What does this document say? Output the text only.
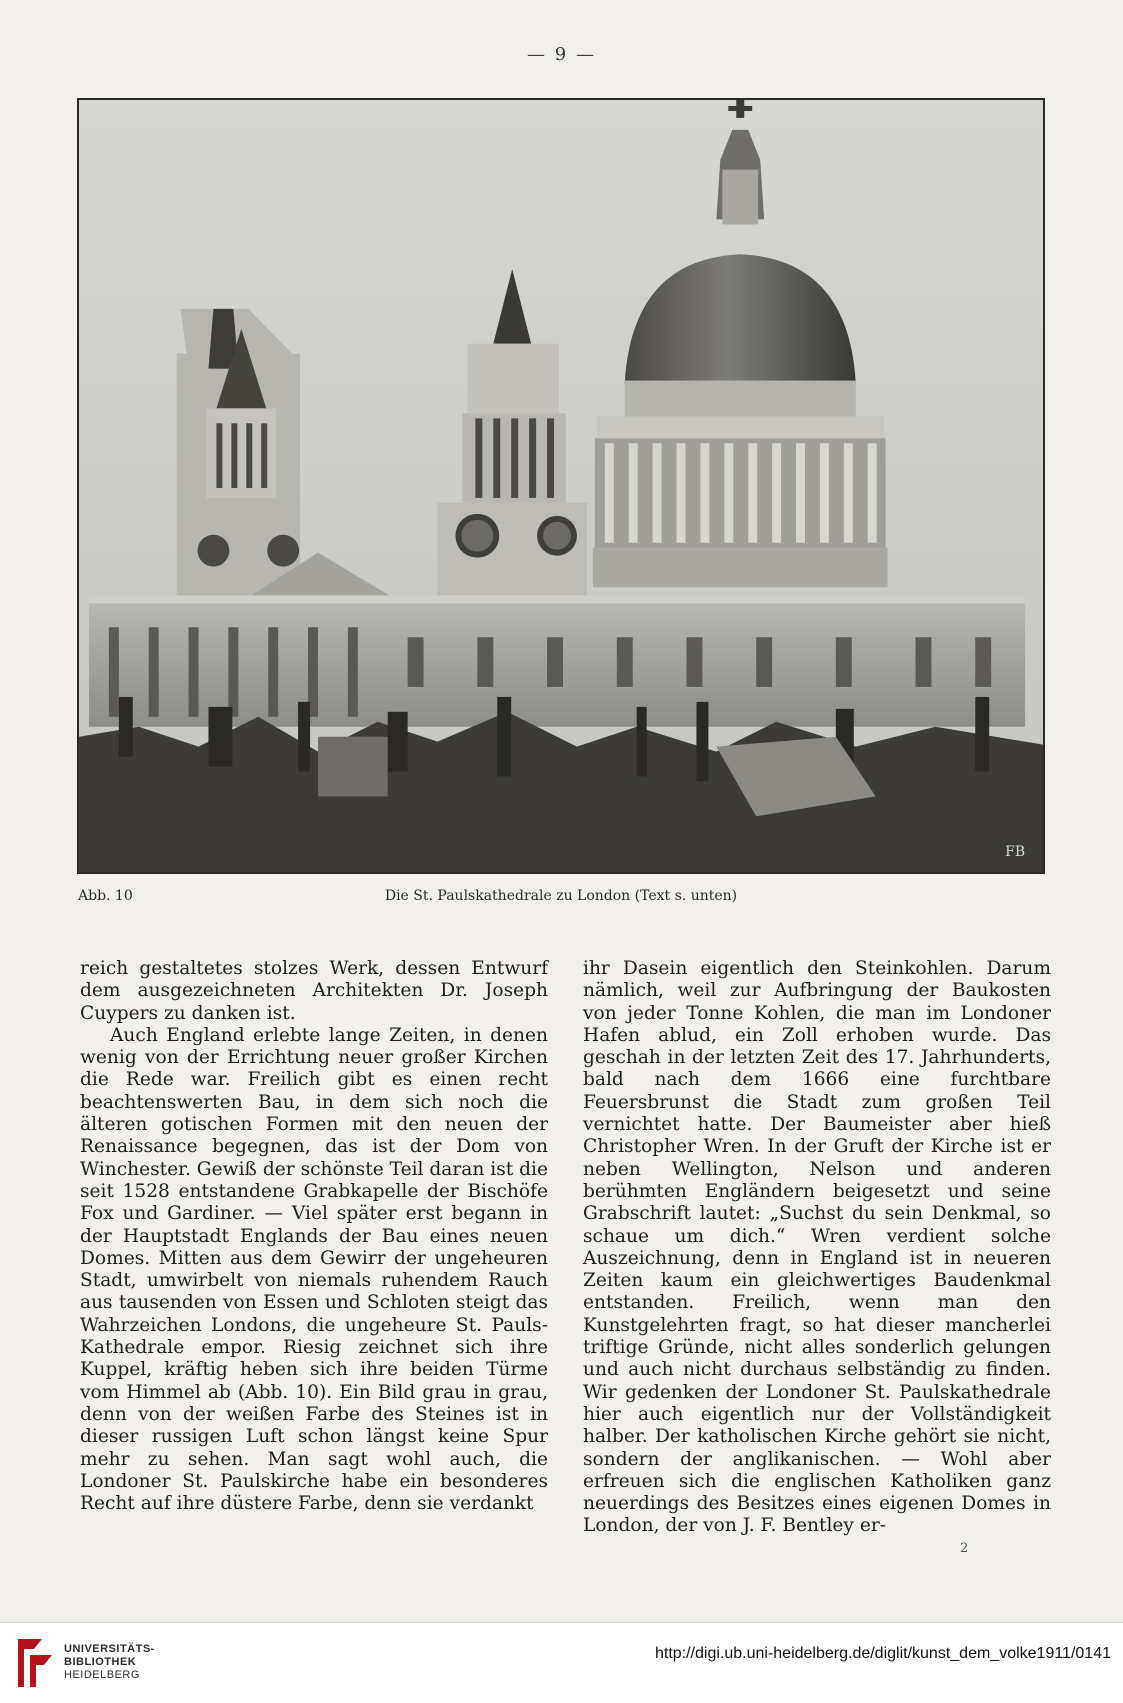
— 9 —
FB
Abb. 10	Die St. Paulskathedrale zu London (Text s. unten)

reich gestaltetes stolzes Werk, dessen Entwurf dem ausgezeichneten Architekten Dr. Joseph Cuypers zu danken ist.

Auch England erlebte lange Zeiten, in denen wenig von der Errichtung neuer großer Kirchen die Rede war. Freilich gibt es einen recht beachtenswerten Bau, in dem sich noch die älteren gotischen Formen mit den neuen der Renaissance begegnen, das ist der Dom von Winchester. Gewiß der schönste Teil daran ist die seit 1528 entstandene Grabkapelle der Bischöfe Fox und Gardiner. — Viel später erst begann in der Hauptstadt Englands der Bau eines neuen Domes. Mitten aus dem Gewirr der ungeheuren Stadt, umwirbelt von niemals ruhendem Rauch aus tausenden von Essen und Schloten steigt das Wahrzeichen Londons, die ungeheure St. Pauls-Kathedrale empor. Riesig zeichnet sich ihre Kuppel, kräftig heben sich ihre beiden Türme vom Himmel ab (Abb. 10). Ein Bild grau in grau, denn von der weißen Farbe des Steines ist in dieser russigen Luft schon längst keine Spur mehr zu sehen. Man sagt wohl auch, die Londoner St. Paulskirche habe ein besonderes Recht auf ihre düstere Farbe, denn sie verdankt

ihr Dasein eigentlich den Steinkohlen. Darum nämlich, weil zur Aufbringung der Baukosten von jeder Tonne Kohlen, die man im Londoner Hafen ablud, ein Zoll erhoben wurde. Das geschah in der letzten Zeit des 17. Jahrhunderts, bald nach dem 1666 eine furchtbare Feuersbrunst die Stadt zum großen Teil vernichtet hatte. Der Baumeister aber hieß Christopher Wren. In der Gruft der Kirche ist er neben Wellington, Nelson und anderen berühmten Engländern beigesetzt und seine Grabschrift lautet: „Suchst du sein Denkmal, so schaue um dich.“ Wren verdient solche Auszeichnung, denn in England ist in neueren Zeiten kaum ein gleichwertiges Baudenkmal entstanden. Freilich, wenn man den Kunstgelehrten fragt, so hat dieser mancherlei triftige Gründe, nicht alles sonderlich gelungen und auch nicht durchaus selbständig zu finden. Wir gedenken der Londoner St. Paulskathedrale hier auch eigentlich nur der Vollständigkeit halber. Der katholischen Kirche gehört sie nicht, sondern der anglikanischen. — Wohl aber erfreuen sich die englischen Katholiken ganz neuerdings des Besitzes eines eigenen Domes in London, der von J. F. Bentley er-

2
UNIVERSITÄTS-
BIBLIOTHEK
HEIDELBERG
http://digi.ub.uni-heidelberg.de/diglit/kunst_dem_volke1911/0141
